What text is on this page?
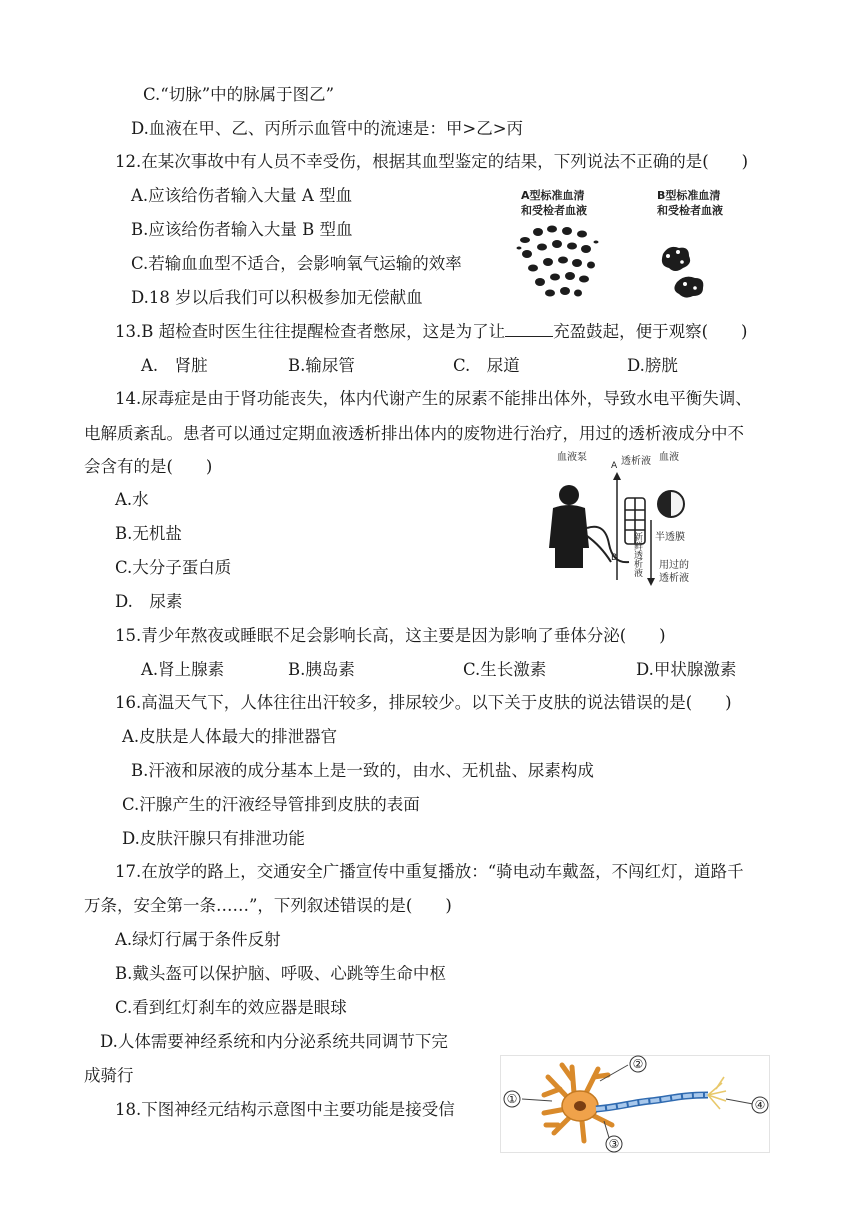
C.“切脉”中的脉属于图乙”
D.血液在甲、乙、丙所示血管中的流速是：甲>乙>丙
12.在某次事故中有人员不幸受伤，根据其血型鉴定的结果，下列说法不正确的是(　　)
A.应该给伤者输入大量 A 型血
B.应该给伤者输入大量 B 型血
C.若输血血型不适合，会影响氧气运输的效率
D.18 岁以后我们可以积极参加无偿献血
A型标准血清
和受检者血液
B型标准血清
和受检者血液
13.B 超检查时医生往往提醒检查者憋尿，这是为了让	充盈鼓起，便于观察(　　)
A.　肾脏	B.输尿管	C.　尿道	D.膀胱
14.尿毒症是由于肾功能丧失，体内代谢产生的尿素不能排出体外，导致水电平衡失调、
电解质紊乱。患者可以通过定期血液透析排出体内的废物进行治疗，用过的透析液成分中不
会含有的是(　　)
A.水
B.无机盐
C.大分子蛋白质
D.　尿素
血液泵
A 透析液 血液
半透膜
B 新鲜透析液 用过的
透析液
15.青少年熬夜或睡眠不足会影响长高，这主要是因为影响了垂体分泌(　　)
A.肾上腺素	B.胰岛素	C.生长激素	D.甲状腺激素
16.高温天气下，人体往往出汗较多，排尿较少。以下关于皮肤的说法错误的是(　　)
A.皮肤是人体最大的排泄器官
B.汗液和尿液的成分基本上是一致的，由水、无机盐、尿素构成
C.汗腺产生的汗液经导管排到皮肤的表面
D.皮肤汗腺只有排泄功能
17.在放学的路上，交通安全广播宣传中重复播放：“骑电动车戴盔，不闯红灯，道路千
万条，安全第一条……”，下列叙述错误的是(　　)
A.绿灯行属于条件反射
B.戴头盔可以保护脑、呼吸、心跳等生命中枢
C.看到红灯刹车的效应器是眼球
D.人体需要神经系统和内分泌系统共同调节下完
成骑行
18.下图神经元结构示意图中主要功能是接受信
①
②
③
④
